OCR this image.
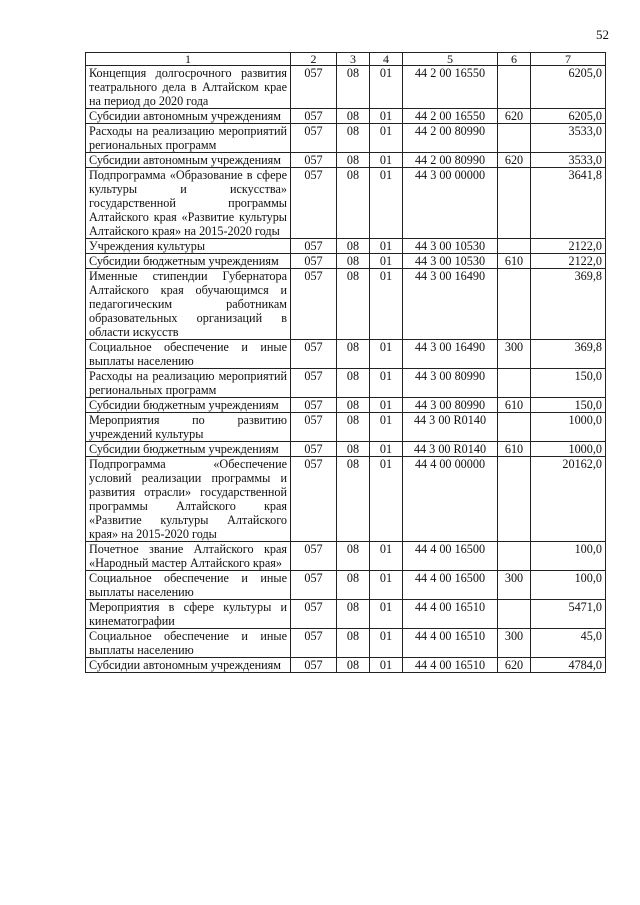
52
1	2	3	4	5	6	7
Концепция долгосрочного развития театрального дела в Алтайском крае на период до 2020 года	057	08	01	44 2 00 16550		6205,0
Субсидии автономным учреждениям	057	08	01	44 2 00 16550	620	6205,0
Расходы на реализацию мероприятий региональных программ	057	08	01	44 2 00 80990		3533,0
Субсидии автономным учреждениям	057	08	01	44 2 00 80990	620	3533,0
Подпрограмма «Образование в сфере культуры и искусства» государственной программы Алтайского края «Развитие культуры Алтайского края» на 2015-2020 годы	057	08	01	44 3 00 00000		3641,8
Учреждения культуры	057	08	01	44 3 00 10530		2122,0
Субсидии бюджетным учреждениям	057	08	01	44 3 00 10530	610	2122,0
Именные стипендии Губернатора Алтайского края обучающимся и педагогическим работникам образовательных организаций в области искусств	057	08	01	44 3 00 16490		369,8
Социальное обеспечение и иные выплаты населению	057	08	01	44 3 00 16490	300	369,8
Расходы на реализацию мероприятий региональных программ	057	08	01	44 3 00 80990		150,0
Субсидии бюджетным учреждениям	057	08	01	44 3 00 80990	610	150,0
Мероприятия по развитию учреждений культуры	057	08	01	44 3 00 R0140		1000,0
Субсидии бюджетным учреждениям	057	08	01	44 3 00 R0140	610	1000,0
Подпрограмма «Обеспечение условий реализации программы и развития отрасли» государственной программы Алтайского края «Развитие культуры Алтайского края» на 2015-2020 годы	057	08	01	44 4 00 00000		20162,0
Почетное звание Алтайского края «Народный мастер Алтайского края»	057	08	01	44 4 00 16500		100,0
Социальное обеспечение и иные выплаты населению	057	08	01	44 4 00 16500	300	100,0
Мероприятия в сфере культуры и кинематографии	057	08	01	44 4 00 16510		5471,0
Социальное обеспечение и иные выплаты населению	057	08	01	44 4 00 16510	300	45,0
Субсидии автономным учреждениям	057	08	01	44 4 00 16510	620	4784,0
